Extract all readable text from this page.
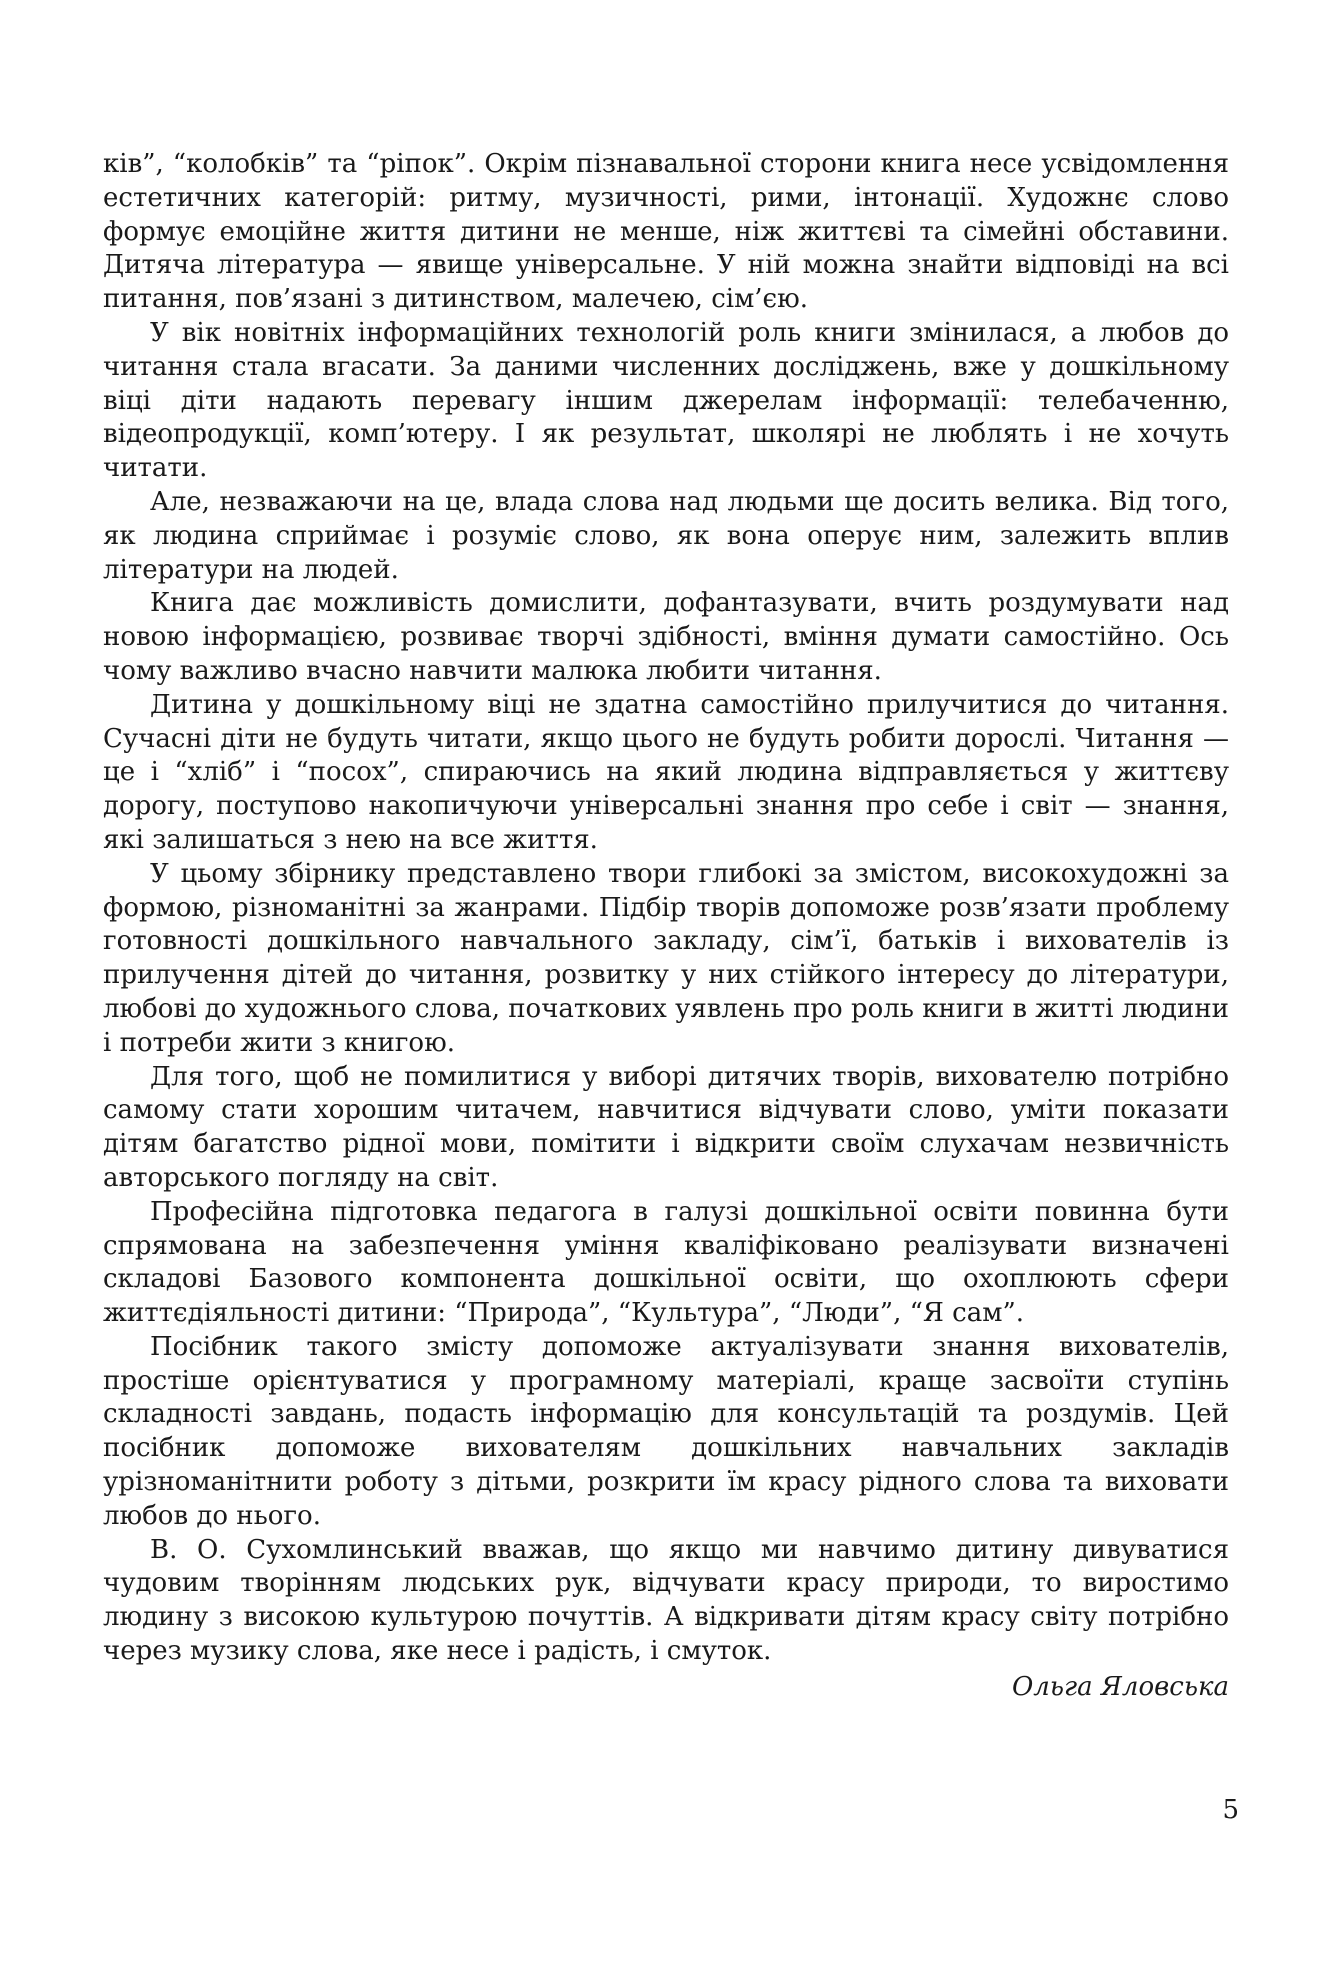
ків”, “колобків” та “ріпок”. Окрім пізнавальної сторони книга несе усвідомлення естетичних категорій: ритму, музичності, рими, інтонації. Художнє слово формує емоційне життя дитини не менше, ніж життєві та сімейні обставини. Дитяча література — явище універсальне. У ній можна знайти відповіді на всі питання, пов’язані з дитинством, малечею, сім’єю.

У вік новітніх інформаційних технологій роль книги змінилася, а любов до читання стала вгасати. За даними численних досліджень, вже у дошкільному віці діти надають перевагу іншим джерелам інформації: телебаченню, відеопродукції, комп’ютеру. І як результат, школярі не люблять і не хочуть читати.

Але, незважаючи на це, влада слова над людьми ще досить велика. Від того, як людина сприймає і розуміє слово, як вона оперує ним, залежить вплив літератури на людей.

Книга дає можливість домислити, дофантазувати, вчить роздумувати над новою інформацією, розвиває творчі здібності, вміння думати самостійно. Ось чому важливо вчасно навчити малюка любити читання.

Дитина у дошкільному віці не здатна самостійно прилучитися до читання. Сучасні діти не будуть читати, якщо цього не будуть робити дорослі. Читання — це і “хліб” і “посох”, спираючись на який людина відправляється у життєву дорогу, поступово накопичуючи універсальні знання про себе і світ — знання, які залишаться з нею на все життя.

У цьому збірнику представлено твори глибокі за змістом, високохудожні за формою, різноманітні за жанрами. Підбір творів допоможе розв’язати проблему готовності дошкільного навчального закладу, сім’ї, батьків і вихователів із прилучення дітей до читання, розвитку у них стійкого інтересу до літератури, любові до художнього слова, початкових уявлень про роль книги в житті людини і потреби жити з книгою.

Для того, щоб не помилитися у виборі дитячих творів, вихователю потрібно самому стати хорошим читачем, навчитися відчувати слово, уміти показати дітям багатство рідної мови, помітити і відкрити своїм слухачам незвичність авторського погляду на світ.

Професійна підготовка педагога в галузі дошкільної освіти повинна бути спрямована на забезпечення уміння кваліфіковано реалізувати визначені складові Базового компонента дошкільної освіти, що охоплюють сфери життєдіяльності дитини: “Природа”, “Культура”, “Люди”, “Я сам”.

Посібник такого змісту допоможе актуалізувати знання вихователів, простіше орієнтуватися у програмному матеріалі, краще засвоїти ступінь складності завдань, подасть інформацію для консультацій та роздумів. Цей посібник допоможе вихователям дошкільних навчальних закладів урізноманітнити роботу з дітьми, розкрити їм красу рідного слова та виховати любов до нього.

В. О. Сухомлинський вважав, що якщо ми навчимо дитину дивуватися чудовим творінням людських рук, відчувати красу природи, то виростимо людину з високою культурою почуттів. А відкривати дітям красу світу потрібно через музику слова, яке несе і радість, і смуток.

Ольга Яловська

5
